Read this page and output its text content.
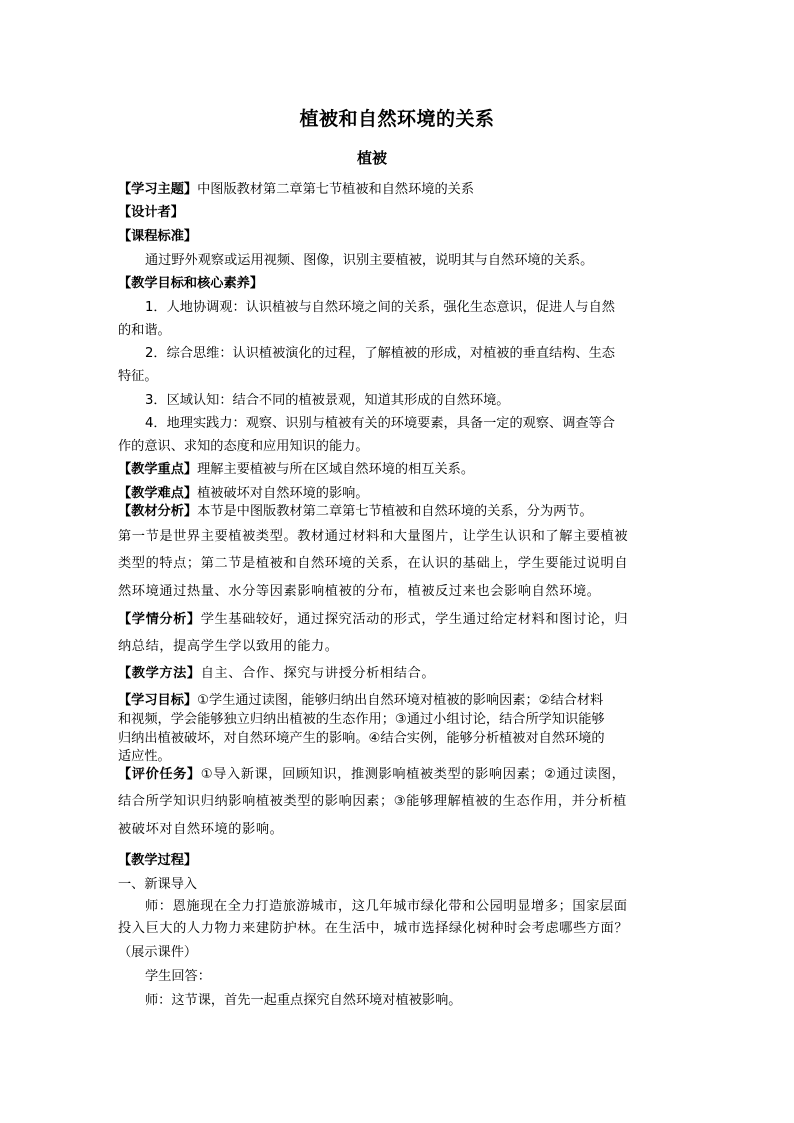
植被和自然环境的关系
植被
【学习主题】中图版教材第二章第七节植被和自然环境的关系
【设计者】
【课程标准】
通过野外观察或运用视频、图像，识别主要植被，说明其与自然环境的关系。
【教学目标和核心素养】
1．人地协调观：认识植被与自然环境之间的关系，强化生态意识，促进人与自然
的和谐。
2．综合思维：认识植被演化的过程，了解植被的形成，对植被的垂直结构、生态
特征。
3．区域认知：结合不同的植被景观，知道其形成的自然环境。
4．地理实践力：观察、识别与植被有关的环境要素，具备一定的观察、调查等合
作的意识、求知的态度和应用知识的能力。
【教学重点】理解主要植被与所在区域自然环境的相互关系。
【教学难点】植被破坏对自然环境的影响。
【教材分析】本节是中图版教材第二章第七节植被和自然环境的关系，分为两节。
第一节是世界主要植被类型。教材通过材料和大量图片，让学生认识和了解主要植被
类型的特点；第二节是植被和自然环境的关系，在认识的基础上，学生要能过说明自
然环境通过热量、水分等因素影响植被的分布，植被反过来也会影响自然环境。
【学情分析】学生基础较好，通过探究活动的形式，学生通过给定材料和图讨论，归
纳总结，提高学生学以致用的能力。
【教学方法】自主、合作、探究与讲授分析相结合。
【学习目标】①学生通过读图，能够归纳出自然环境对植被的影响因素；②结合材料
和视频，学会能够独立归纳出植被的生态作用；③通过小组讨论，结合所学知识能够
归纳出植被破坏，对自然环境产生的影响。④结合实例，能够分析植被对自然环境的
适应性。
【评价任务】①导入新课，回顾知识，推测影响植被类型的影响因素；②通过读图，
结合所学知识归纳影响植被类型的影响因素；③能够理解植被的生态作用，并分析植
被破坏对自然环境的影响。
【教学过程】
一、新课导入
师：恩施现在全力打造旅游城市，这几年城市绿化带和公园明显增多；国家层面
投入巨大的人力物力来建防护林。在生活中，城市选择绿化树种时会考虑哪些方面？
（展示课件）
学生回答：
师：这节课，首先一起重点探究自然环境对植被影响。
